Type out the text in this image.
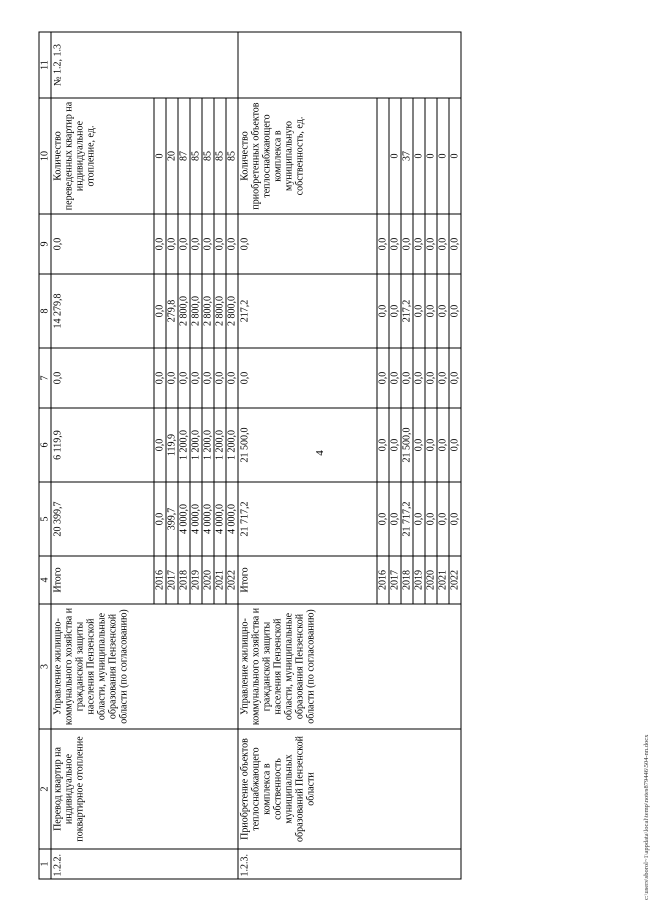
4
1	2	3	4	5	6	7	8	9	10	11
1.2.2.	Перевод квартир на индивидуальное поквартирное отопление	Управление жилищно-коммунального хозяйства и гражданской защиты населения Пензенской области, муниципальные образования Пензенской области (по согласованию)	Итого	20 399,7	6 119,9	0,0	14 279,8	0,0	Количество переведенных квартир на индивидуальное отопление, ед.	№ 1.2, 1.3
			2016	0,0	0,0	0,0	0,0	0,0	0	
			2017	399,7	119,9	0,0	279,8	0,0	20	
			2018	4 000,0	1 200,0	0,0	2 800,0	0,0	87	
			2019	4 000,0	1 200,0	0,0	2 800,0	0,0	85	
			2020	4 000,0	1 200,0	0,0	2 800,0	0,0	85	
			2021	4 000,0	1 200,0	0,0	2 800,0	0,0	85	
			2022	4 000,0	1 200,0	0,0	2 800,0	0,0	85	
1.2.3.	Приобретение объектов теплоснабжающего комплекса в собственность муниципальных образований Пензенской области	Управление жилищно-коммунального хозяйства и гражданской защиты населения Пензенской области, муниципальные образования Пензенской области (по согласованию)	Итого	21 717,2	21 500,0	0,0	217,2	0,0	Количество приобретенных объектов теплоснабжающего комплекса в муниципальную собственность, ед.	
			2016	0,0	0,0	0,0	0,0	0,0		
			2017	0,0	0,0	0,0	0,0	0,0	0	
			2018	21 717,2	21 500,0	0,0	217,2	0,0	37	
			2019	0,0	0,0	0,0	0,0	0,0	0	
			2020	0,0	0,0	0,0	0,0	0,0	0	
			2021	0,0	0,0	0,0	0,0	0,0	0	
			2022	0,0	0,0	0,0	0,0	0,0	0	
c:\users\sborol~1\appdata\local\temp\notes879446\504-nn.docx
